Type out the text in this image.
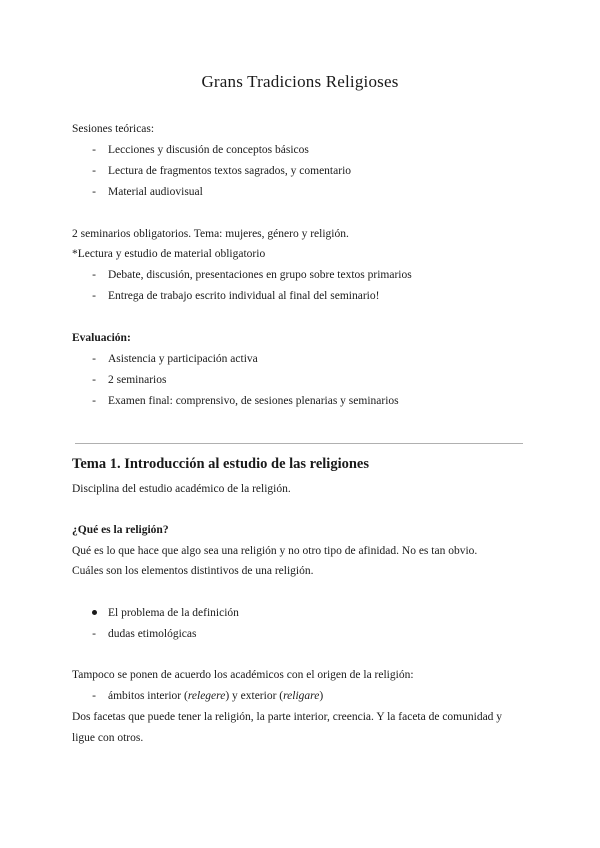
Grans Tradicions Religioses
Sesiones teóricas:
- Lecciones y discusión de conceptos básicos
- Lectura de fragmentos textos sagrados, y comentario
- Material audiovisual
2 seminarios obligatorios. Tema: mujeres, género y religión.
*Lectura y estudio de material obligatorio
- Debate, discusión, presentaciones en grupo sobre textos primarios
- Entrega de trabajo escrito individual al final del seminario!
Evaluación:
- Asistencia y participación activa
- 2 seminarios
- Examen final: comprensivo, de sesiones plenarias y seminarios
Tema 1. Introducción al estudio de las religiones
Disciplina del estudio académico de la religión.
¿Qué es la religión?
Qué es lo que hace que algo sea una religión y no otro tipo de afinidad. No es tan obvio.
Cuáles son los elementos distintivos de una religión.
El problema de la definición
- dudas etimológicas
Tampoco se ponen de acuerdo los académicos con el origen de la religión:
- ámbitos interior (relegere) y exterior (religare)
Dos facetas que puede tener la religión, la parte interior, creencia. Y la faceta de comunidad y
ligue con otros.
